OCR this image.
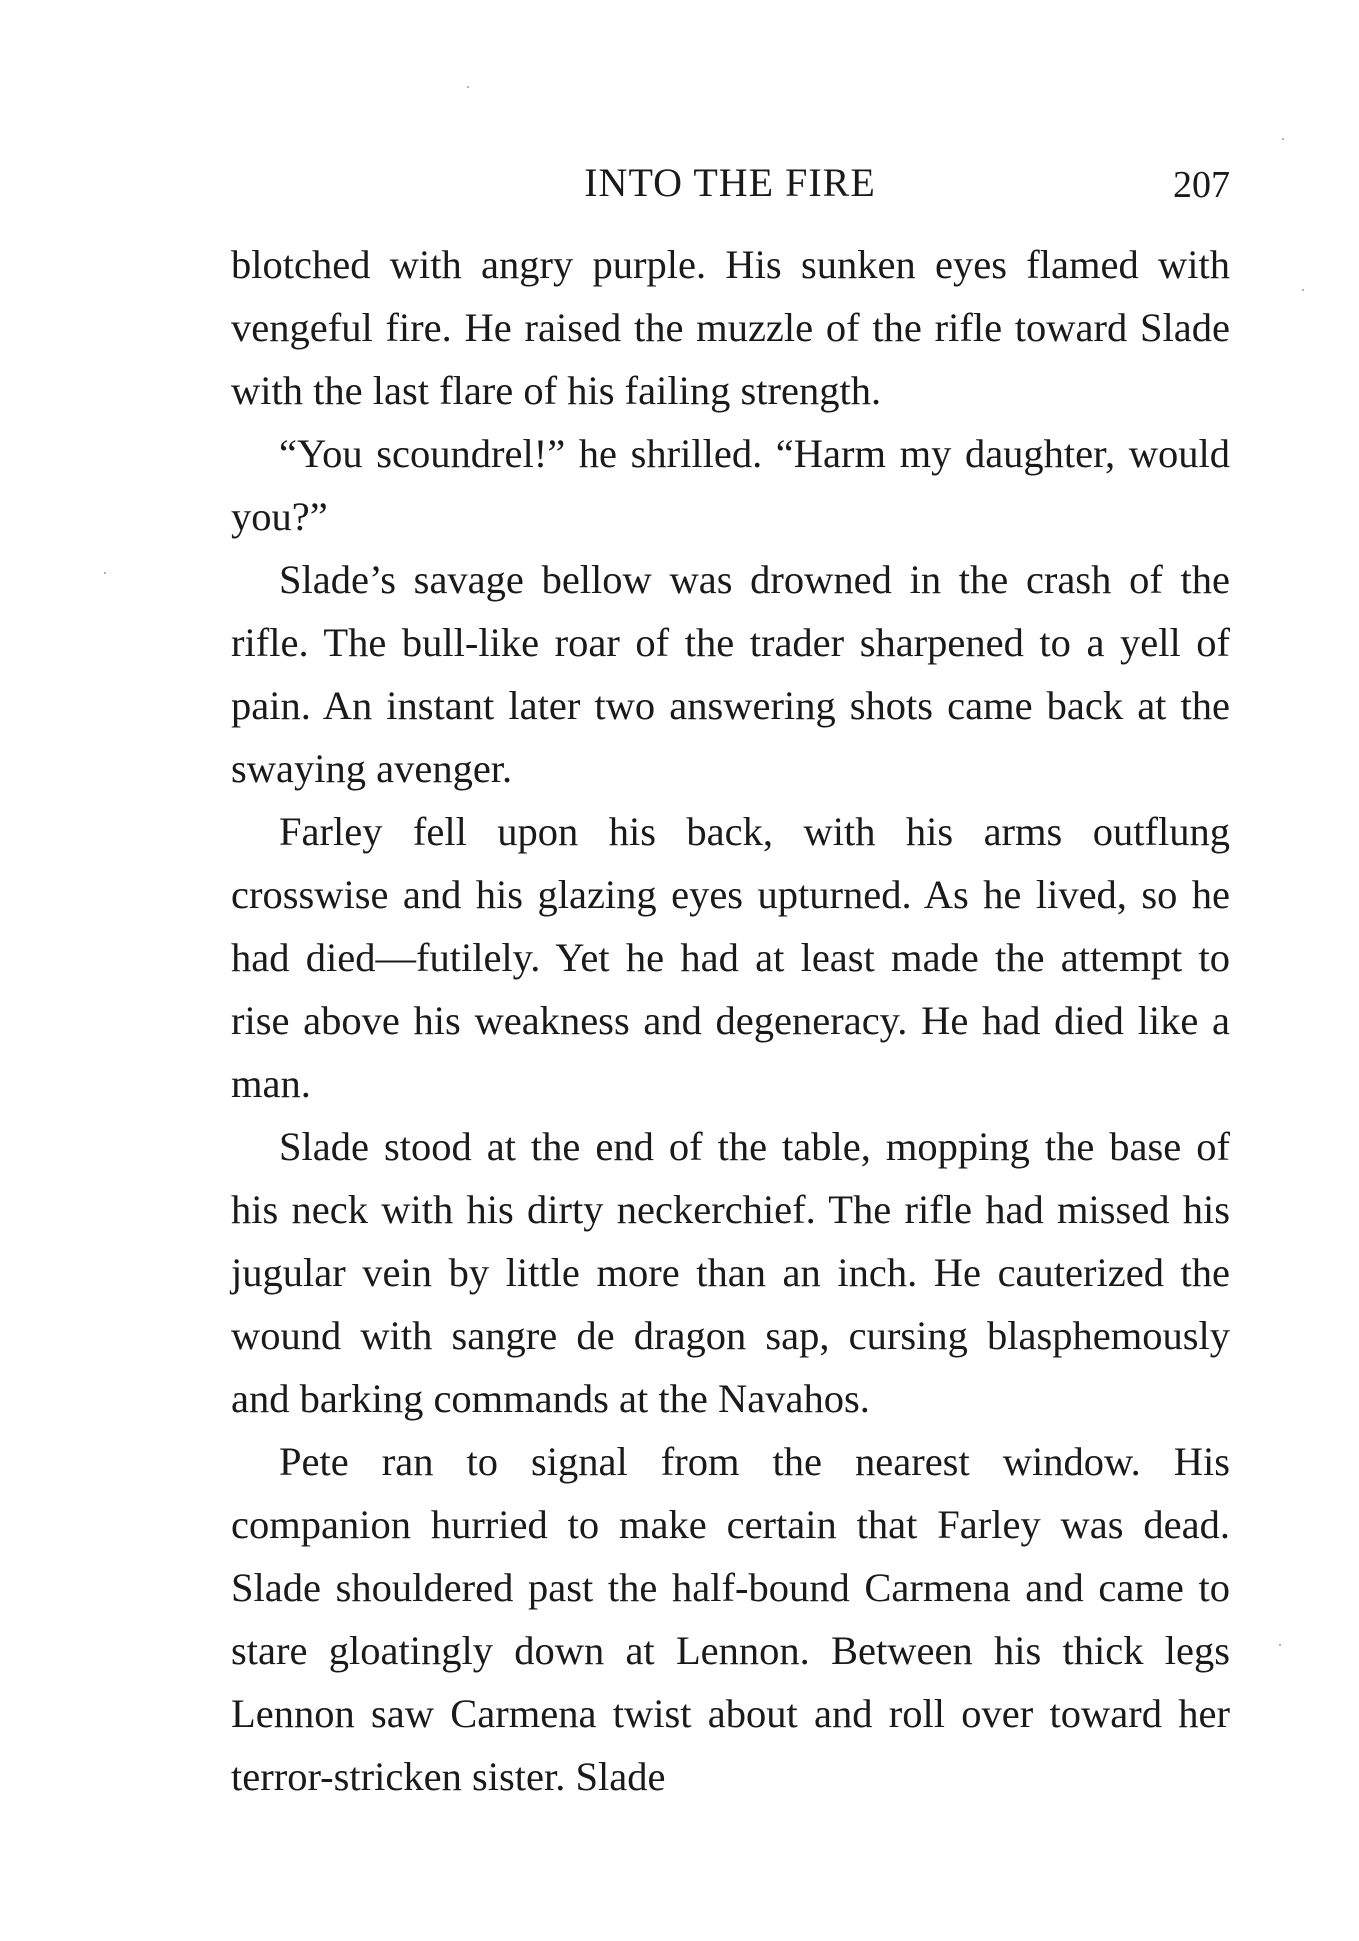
INTO THE FIRE	207

blotched with angry purple. His sunken eyes flamed with vengeful fire. He raised the muzzle of the rifle toward Slade with the last flare of his failing strength.

“You scoundrel!” he shrilled. “Harm my daughter, would you?”

Slade’s savage bellow was drowned in the crash of the rifle. The bull-like roar of the trader sharpened to a yell of pain. An instant later two answering shots came back at the swaying avenger.

Farley fell upon his back, with his arms outflung crosswise and his glazing eyes upturned. As he lived, so he had died—futilely. Yet he had at least made the attempt to rise above his weakness and degeneracy. He had died like a man.

Slade stood at the end of the table, mopping the base of his neck with his dirty neckerchief. The rifle had missed his jugular vein by little more than an inch. He cauterized the wound with sangre de dragon sap, cursing blasphemously and barking commands at the Navahos.

Pete ran to signal from the nearest window. His companion hurried to make certain that Farley was dead. Slade shouldered past the half-bound Carmena and came to stare gloatingly down at Lennon. Between his thick legs Lennon saw Carmena twist about and roll over toward her terror-stricken sister. Slade
